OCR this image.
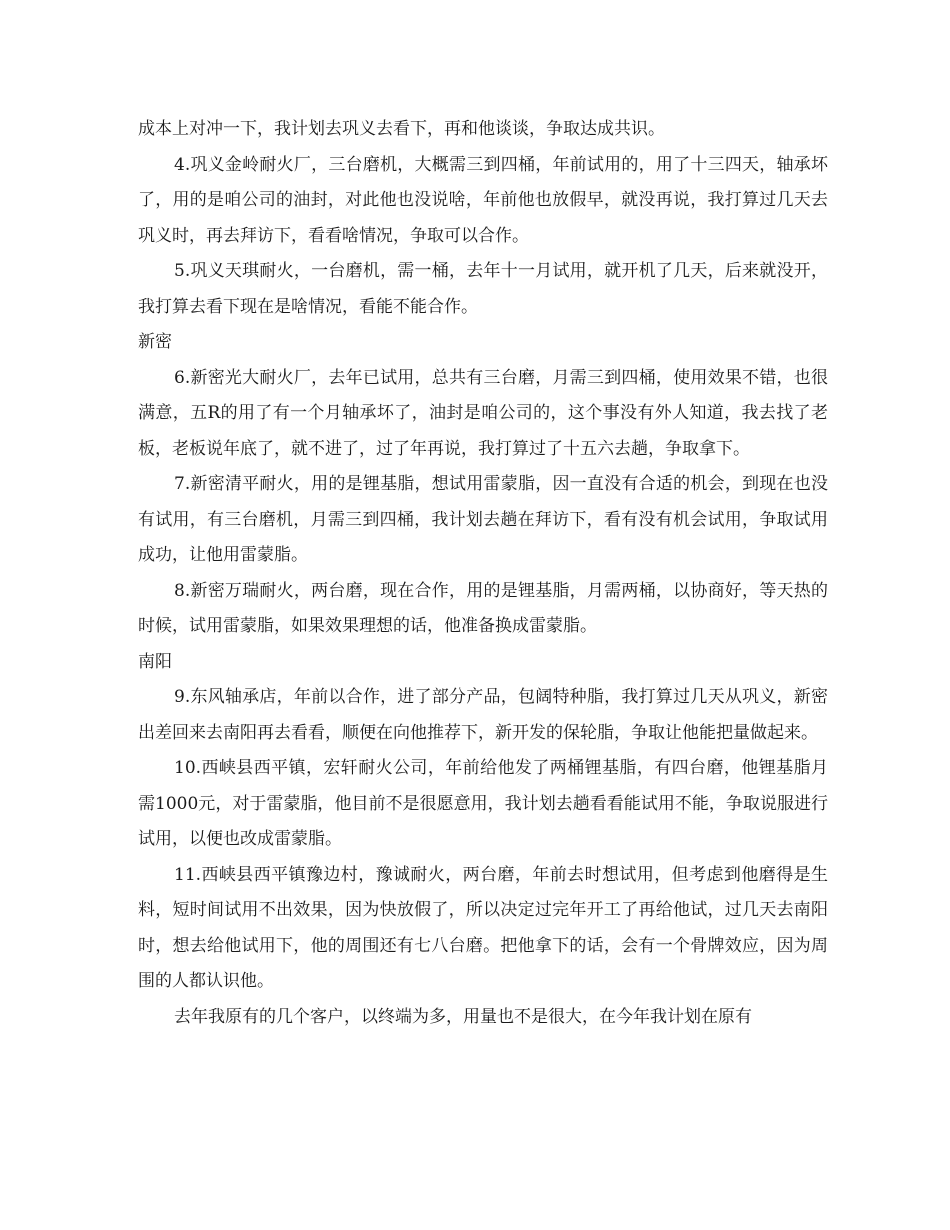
成本上对冲一下，我计划去巩义去看下，再和他谈谈，争取达成共识。

4.巩义金岭耐火厂，三台磨机，大概需三到四桶，年前试用的，用了十三四天，轴承坏了，用的是咱公司的油封，对此他也没说啥，年前他也放假早，就没再说，我打算过几天去巩义时，再去拜访下，看看啥情况，争取可以合作。

5.巩义天琪耐火，一台磨机，需一桶，去年十一月试用，就开机了几天，后来就没开，我打算去看下现在是啥情况，看能不能合作。

新密

6.新密光大耐火厂，去年已试用，总共有三台磨，月需三到四桶，使用效果不错，也很满意，五R的用了有一个月轴承坏了，油封是咱公司的，这个事没有外人知道，我去找了老板，老板说年底了，就不进了，过了年再说，我打算过了十五六去趟，争取拿下。

7.新密清平耐火，用的是锂基脂，想试用雷蒙脂，因一直没有合适的机会，到现在也没有试用，有三台磨机，月需三到四桶，我计划去趟在拜访下，看有没有机会试用，争取试用成功，让他用雷蒙脂。

8.新密万瑞耐火，两台磨，现在合作，用的是锂基脂，月需两桶，以协商好，等天热的时候，试用雷蒙脂，如果效果理想的话，他准备换成雷蒙脂。

南阳

9.东风轴承店，年前以合作，进了部分产品，包阔特种脂，我打算过几天从巩义，新密出差回来去南阳再去看看，顺便在向他推荐下，新开发的保轮脂，争取让他能把量做起来。

10.西峡县西平镇，宏轩耐火公司，年前给他发了两桶锂基脂，有四台磨，他锂基脂月需1000元，对于雷蒙脂，他目前不是很愿意用，我计划去趟看看能试用不能，争取说服进行试用，以便也改成雷蒙脂。

11.西峡县西平镇豫边村，豫诚耐火，两台磨，年前去时想试用，但考虑到他磨得是生料，短时间试用不出效果，因为快放假了，所以决定过完年开工了再给他试，过几天去南阳时，想去给他试用下，他的周围还有七八台磨。把他拿下的话，会有一个骨牌效应，因为周围的人都认识他。

去年我原有的几个客户，以终端为多，用量也不是很大，在今年我计划在原有
